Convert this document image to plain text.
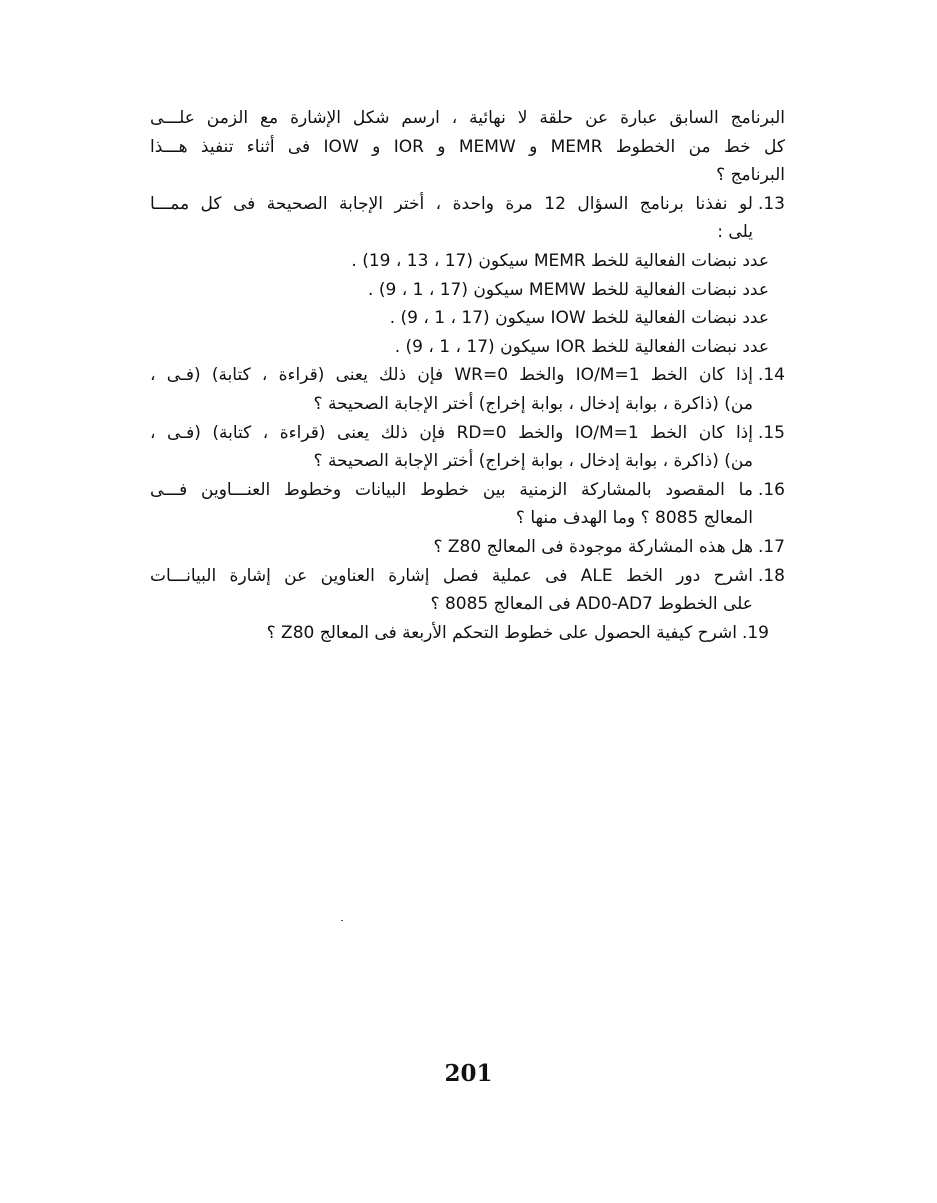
البرنامج السابق عبارة عن حلقة لا نهائية ، ارسم شكل الإشارة مع الزمن علـــى
كل خط من الخطوط MEMR و MEMW و IOR و IOW فى أثناء تنفيذ هـــذا
البرنامج ؟
13.
لو نفذنا برنامج السؤال 12 مرة واحدة ، أختر الإجابة الصحيحة فى كل ممـــا
يلى :
عدد نبضات الفعالية للخط MEMR سيكون (17 ، 13 ، 19) .
عدد نبضات الفعالية للخط MEMW سيكون (17 ، 1 ، 9) .
عدد نبضات الفعالية للخط IOW سيكون (17 ، 1 ، 9) .
عدد نبضات الفعالية للخط IOR سيكون (17 ، 1 ، 9) .
14.
إذا كان الخط IO/M=1 والخط WR=0 فإن ذلك يعنى (قراءة ، كتابة) (فـى ،
من) (ذاكرة ، بوابة إدخال ، بوابة إخراج) أختر الإجابة الصحيحة ؟
15.
إذا كان الخط IO/M=1 والخط RD=0 فإن ذلك يعنى (قراءة ، كتابة) (فـى ،
من) (ذاكرة ، بوابة إدخال ، بوابة إخراج) أختر الإجابة الصحيحة ؟
16.
ما المقصود بالمشاركة الزمنية بين خطوط البيانات وخطوط العنـــاوين فـــى
المعالج 8085 ؟ وما الهدف منها ؟
17.
هل هذه المشاركة موجودة فى المعالج Z80 ؟
18.
اشرح دور الخط ALE فى عملية فصل إشارة العناوين عن إشارة البيانـــات
على الخطوط AD0-AD7 فى المعالج 8085 ؟
19.
اشرح كيفية الحصول على خطوط التحكم الأربعة فى المعالج Z80 ؟
201
